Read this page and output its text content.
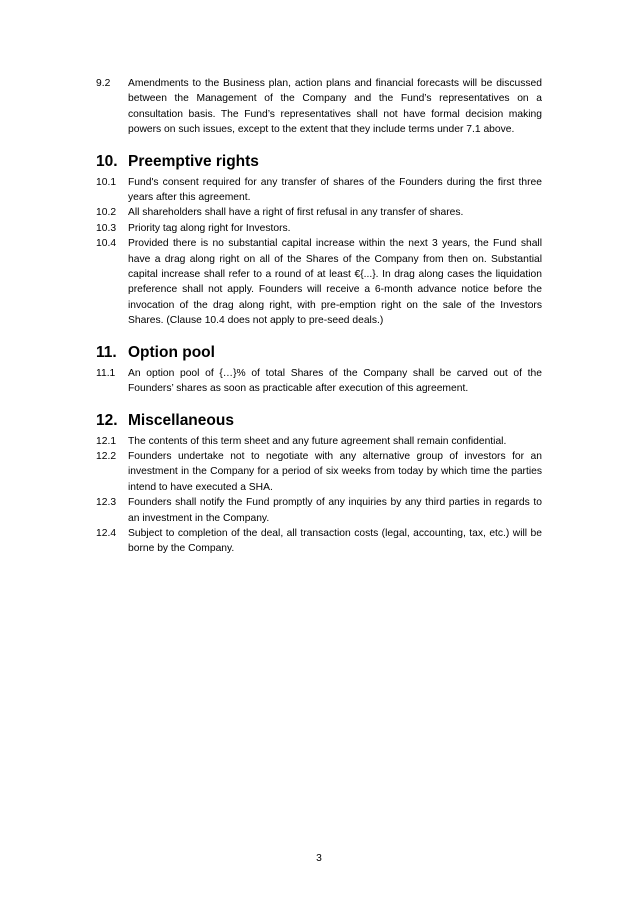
9.2	Amendments to the Business plan, action plans and financial forecasts will be discussed between the Management of the Company and the Fund’s representatives on a consultation basis. The Fund’s representatives shall not have formal decision making powers on such issues, except to the extent that they include terms under 7.1 above.
10. Preemptive rights
10.1	Fund's consent required for any transfer of shares of the Founders during the first three years after this agreement.
10.2	All shareholders shall have a right of first refusal in any transfer of shares.
10.3	Priority tag along right for Investors.
10.4	Provided there is no substantial capital increase within the next 3 years, the Fund shall have a drag along right on all of the Shares of the Company from then on. Substantial capital increase shall refer to a round of at least €{...}. In drag along cases the liquidation preference shall not apply. Founders will receive a 6-month advance notice before the invocation of the drag along right, with pre-emption right on the sale of the Investors Shares. (Clause 10.4 does not apply to pre-seed deals.)
11. Option pool
11.1	An option pool of {…}% of total Shares of the Company shall be carved out of the Founders’ shares as soon as practicable after execution of this agreement.
12. Miscellaneous
12.1	The contents of this term sheet and any future agreement shall remain confidential.
12.2	Founders undertake not to negotiate with any alternative group of investors for an investment in the Company for a period of six weeks from today by which time the parties intend to have executed a SHA.
12.3	Founders shall notify the Fund promptly of any inquiries by any third parties in regards to an investment in the Company.
12.4	Subject to completion of the deal, all transaction costs (legal, accounting, tax, etc.) will be borne by the Company.
3
